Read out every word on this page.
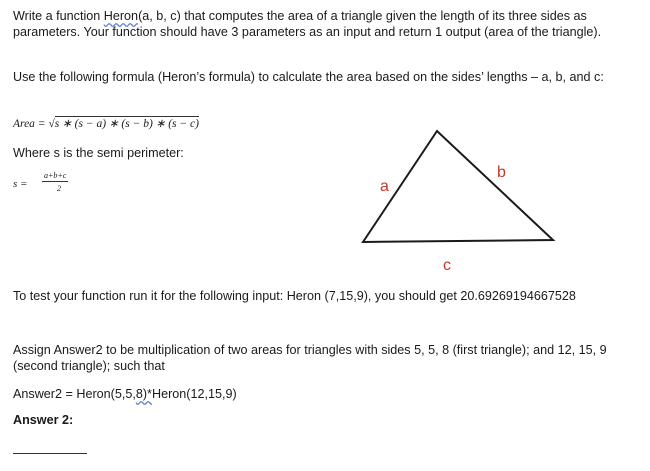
Write a function Heron(a, b, c) that computes the area of a triangle given the length of its three sides as parameters. Your function should have 3 parameters as an input and return 1 output (area of the triangle).
Use the following formula (Heron’s formula) to calculate the area based on the sides’ lengths – a, b, and c:
Area = √s ∗ (s − a) ∗ (s − b) ∗ (s − c)
Where s is the semi perimeter:
s =
a+b+c
2	a
b
c
To test your function run it for the following input: Heron (7,15,9), you should get 20.69269194667528
Assign Answer2 to be multiplication of two areas for triangles with sides 5, 5, 8 (first triangle); and 12, 15, 9 (second triangle); such that
Answer2 = Heron(5,5,8)*Heron(12,15,9)
Answer 2:
